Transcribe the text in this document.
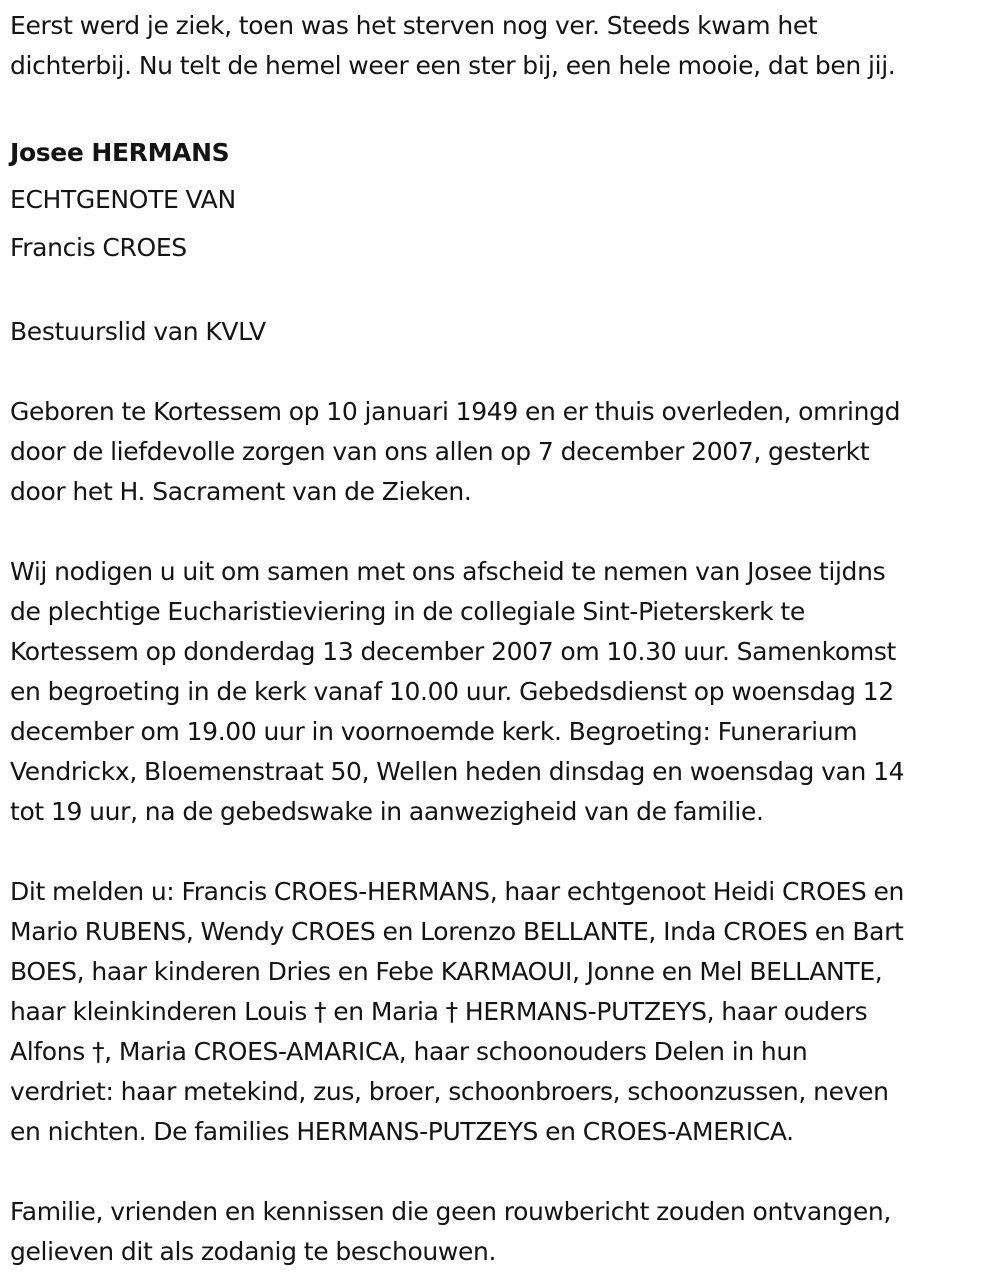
Eerst werd je ziek, toen was het sterven nog ver. Steeds kwam het
dichterbij. Nu telt de hemel weer een ster bij, een hele mooie, dat ben jij.
Josee HERMANS
ECHTGENOTE VAN
Francis CROES
Bestuurslid van KVLV
Geboren te Kortessem op 10 januari 1949 en er thuis overleden, omringd
door de liefdevolle zorgen van ons allen op 7 december 2007, gesterkt
door het H. Sacrament van de Zieken.
Wij nodigen u uit om samen met ons afscheid te nemen van Josee tijdns
de plechtige Eucharistieviering in de collegiale Sint-Pieterskerk te
Kortessem op donderdag 13 december 2007 om 10.30 uur. Samenkomst
en begroeting in de kerk vanaf 10.00 uur. Gebedsdienst op woensdag 12
december om 19.00 uur in voornoemde kerk. Begroeting: Funerarium
Vendrickx, Bloemenstraat 50, Wellen heden dinsdag en woensdag van 14
tot 19 uur, na de gebedswake in aanwezigheid van de familie.
Dit melden u: Francis CROES-HERMANS, haar echtgenoot Heidi CROES en
Mario RUBENS, Wendy CROES en Lorenzo BELLANTE, Inda CROES en Bart
BOES, haar kinderen Dries en Febe KARMAOUI, Jonne en Mel BELLANTE,
haar kleinkinderen Louis † en Maria † HERMANS-PUTZEYS, haar ouders
Alfons †, Maria CROES-AMARICA, haar schoonouders Delen in hun
verdriet: haar metekind, zus, broer, schoonbroers, schoonzussen, neven
en nichten. De families HERMANS-PUTZEYS en CROES-AMERICA.
Familie, vrienden en kennissen die geen rouwbericht zouden ontvangen,
gelieven dit als zodanig te beschouwen.
